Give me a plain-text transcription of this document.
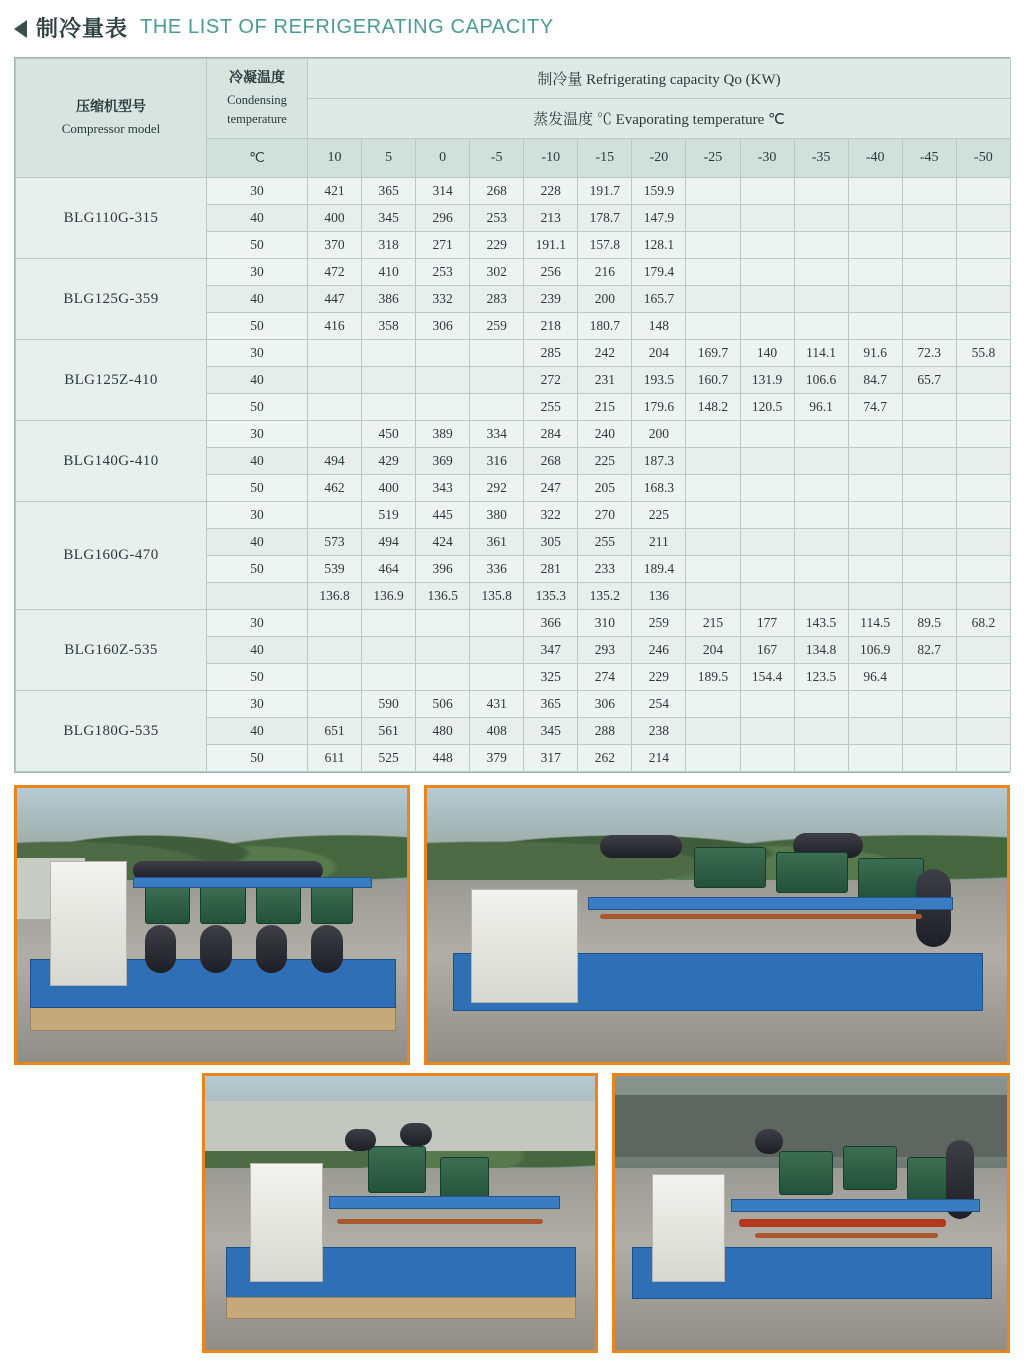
制冷量表 THE LIST OF REFRIGERATING CAPACITY
压缩机型号
Compressor model	冷凝温度
Condensing
temperature	制冷量 Refrigerating capacity Qo (KW)												
		蒸发温度 ℃ Evaporating temperature ℃												
	℃	10	5	0	-5	-10	-15	-20	-25	-30	-35	-40	-45	-50
BLG110G-315	30	421	365	314	268	228	191.7	159.9						
	40	400	345	296	253	213	178.7	147.9						
	50	370	318	271	229	191.1	157.8	128.1						
BLG125G-359	30	472	410	253	302	256	216	179.4						
	40	447	386	332	283	239	200	165.7						
	50	416	358	306	259	218	180.7	148						
BLG125Z-410	30					285	242	204	169.7	140	114.1	91.6	72.3	55.8
	40					272	231	193.5	160.7	131.9	106.6	84.7	65.7	
	50					255	215	179.6	148.2	120.5	96.1	74.7		
BLG140G-410	30		450	389	334	284	240	200						
	40	494	429	369	316	268	225	187.3						
	50	462	400	343	292	247	205	168.3						
BLG160G-470	30		519	445	380	322	270	225						
	40	573	494	424	361	305	255	211						
	50	539	464	396	336	281	233	189.4						
		136.8	136.9	136.5	135.8	135.3	135.2	136						
BLG160Z-535	30					366	310	259	215	177	143.5	114.5	89.5	68.2
	40					347	293	246	204	167	134.8	106.9	82.7	
	50					325	274	229	189.5	154.4	123.5	96.4		
BLG180G-535	30		590	506	431	365	306	254						
	40	651	561	480	408	345	288	238						
	50	611	525	448	379	317	262	214						
